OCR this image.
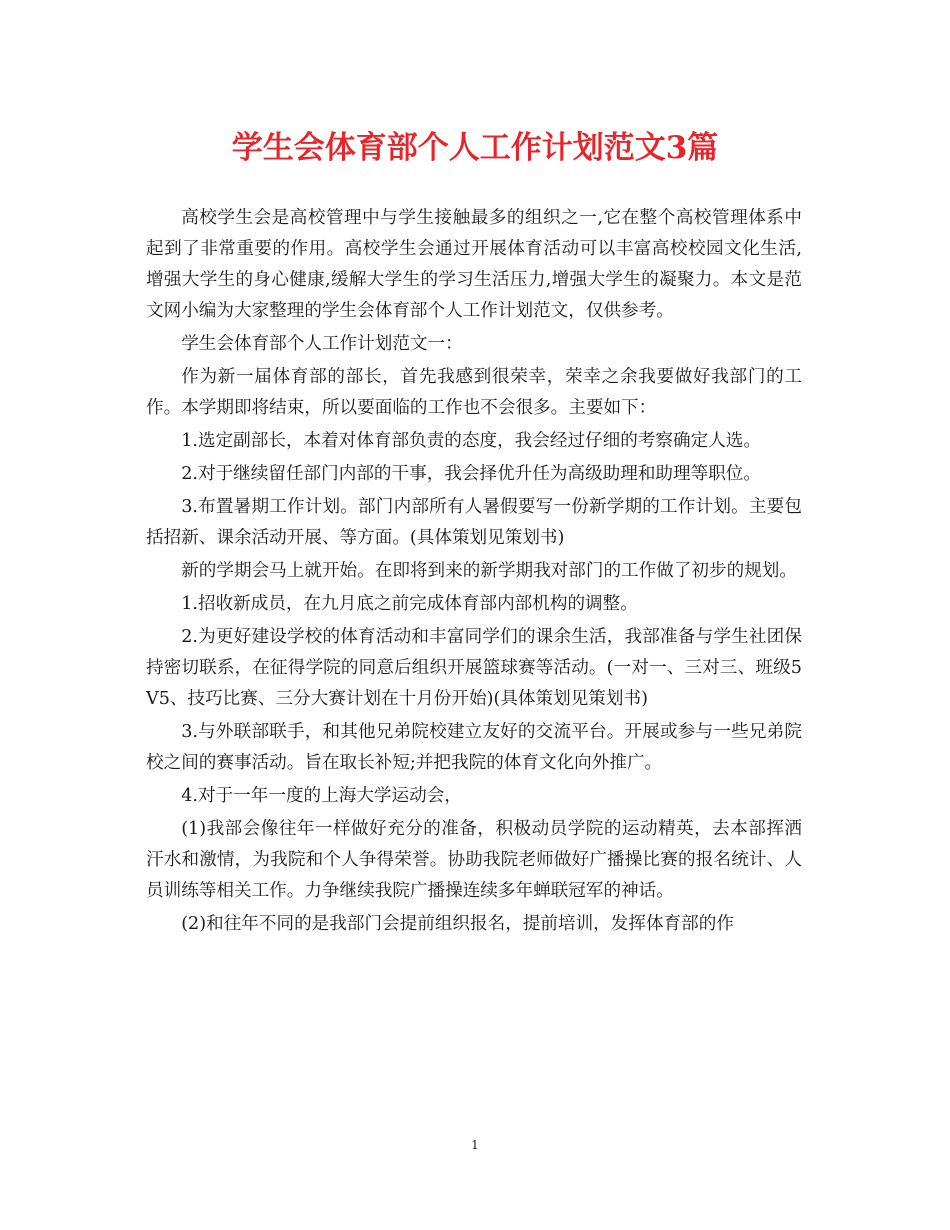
学生会体育部个人工作计划范文3篇

高校学生会是高校管理中与学生接触最多的组织之一,它在整个高校管理体系中起到了非常重要的作用。高校学生会通过开展体育活动可以丰富高校校园文化生活,增强大学生的身心健康,缓解大学生的学习生活压力,增强大学生的凝聚力。本文是范文网小编为大家整理的学生会体育部个人工作计划范文，仅供参考。

学生会体育部个人工作计划范文一：

作为新一届体育部的部长，首先我感到很荣幸，荣幸之余我要做好我部门的工作。本学期即将结束，所以要面临的工作也不会很多。主要如下：

1.选定副部长，本着对体育部负责的态度，我会经过仔细的考察确定人选。

2.对于继续留任部门内部的干事，我会择优升任为高级助理和助理等职位。

3.布置暑期工作计划。部门内部所有人暑假要写一份新学期的工作计划。主要包括招新、课余活动开展、等方面。(具体策划见策划书)

新的学期会马上就开始。在即将到来的新学期我对部门的工作做了初步的规划。

1.招收新成员，在九月底之前完成体育部内部机构的调整。

2.为更好建设学校的体育活动和丰富同学们的课余生活，我部准备与学生社团保持密切联系，在征得学院的同意后组织开展篮球赛等活动。(一对一、三对三、班级5V5、技巧比赛、三分大赛计划在十月份开始)(具体策划见策划书)

3.与外联部联手，和其他兄弟院校建立友好的交流平台。开展或参与一些兄弟院校之间的赛事活动。旨在取长补短;并把我院的体育文化向外推广。

4.对于一年一度的上海大学运动会，

(1)我部会像往年一样做好充分的准备，积极动员学院的运动精英，去本部挥洒汗水和激情，为我院和个人争得荣誉。协助我院老师做好广播操比赛的报名统计、人员训练等相关工作。力争继续我院广播操连续多年蝉联冠军的神话。

(2)和往年不同的是我部门会提前组织报名，提前培训，发挥体育部的作

1
